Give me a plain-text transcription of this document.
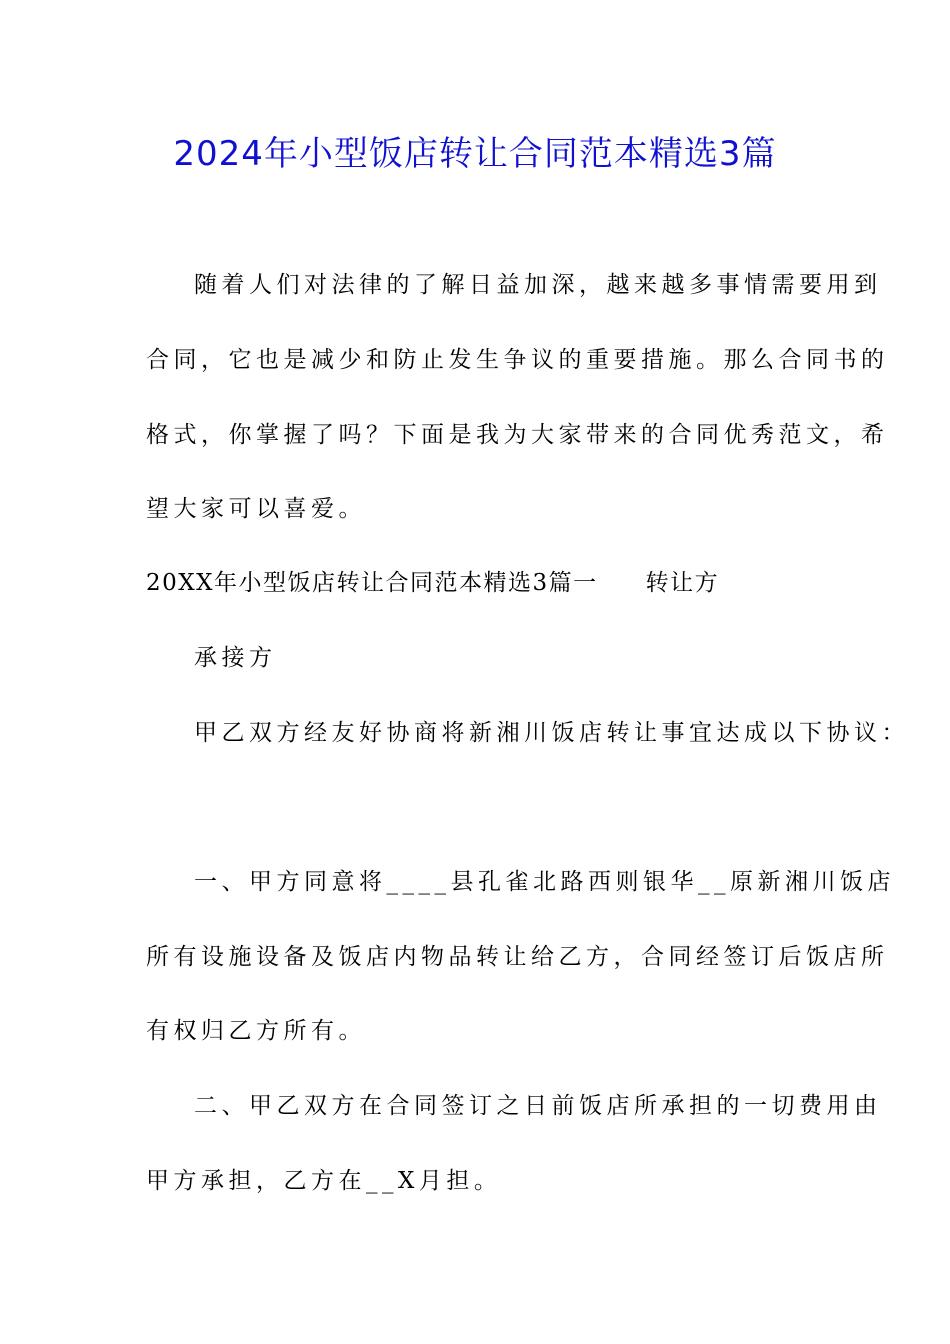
2024年小型饭店转让合同范本精选3篇

随着人们对法律的了解日益加深，越来越多事情需要用到

合同，它也是减少和防止发生争议的重要措施。那么合同书的

格式，你掌握了吗？下面是我为大家带来的合同优秀范文，希

望大家可以喜爱。

20XX年小型饭店转让合同范本精选3篇一 转让方

承接方

甲乙双方经友好协商将新湘川饭店转让事宜达成以下协议：

一、甲方同意将____县孔雀北路西则银华__原新湘川饭店

所有设施设备及饭店内物品转让给乙方，合同经签订后饭店所

有权归乙方所有。

二、甲乙双方在合同签订之日前饭店所承担的一切费用由

甲方承担，乙方在__X月担。
